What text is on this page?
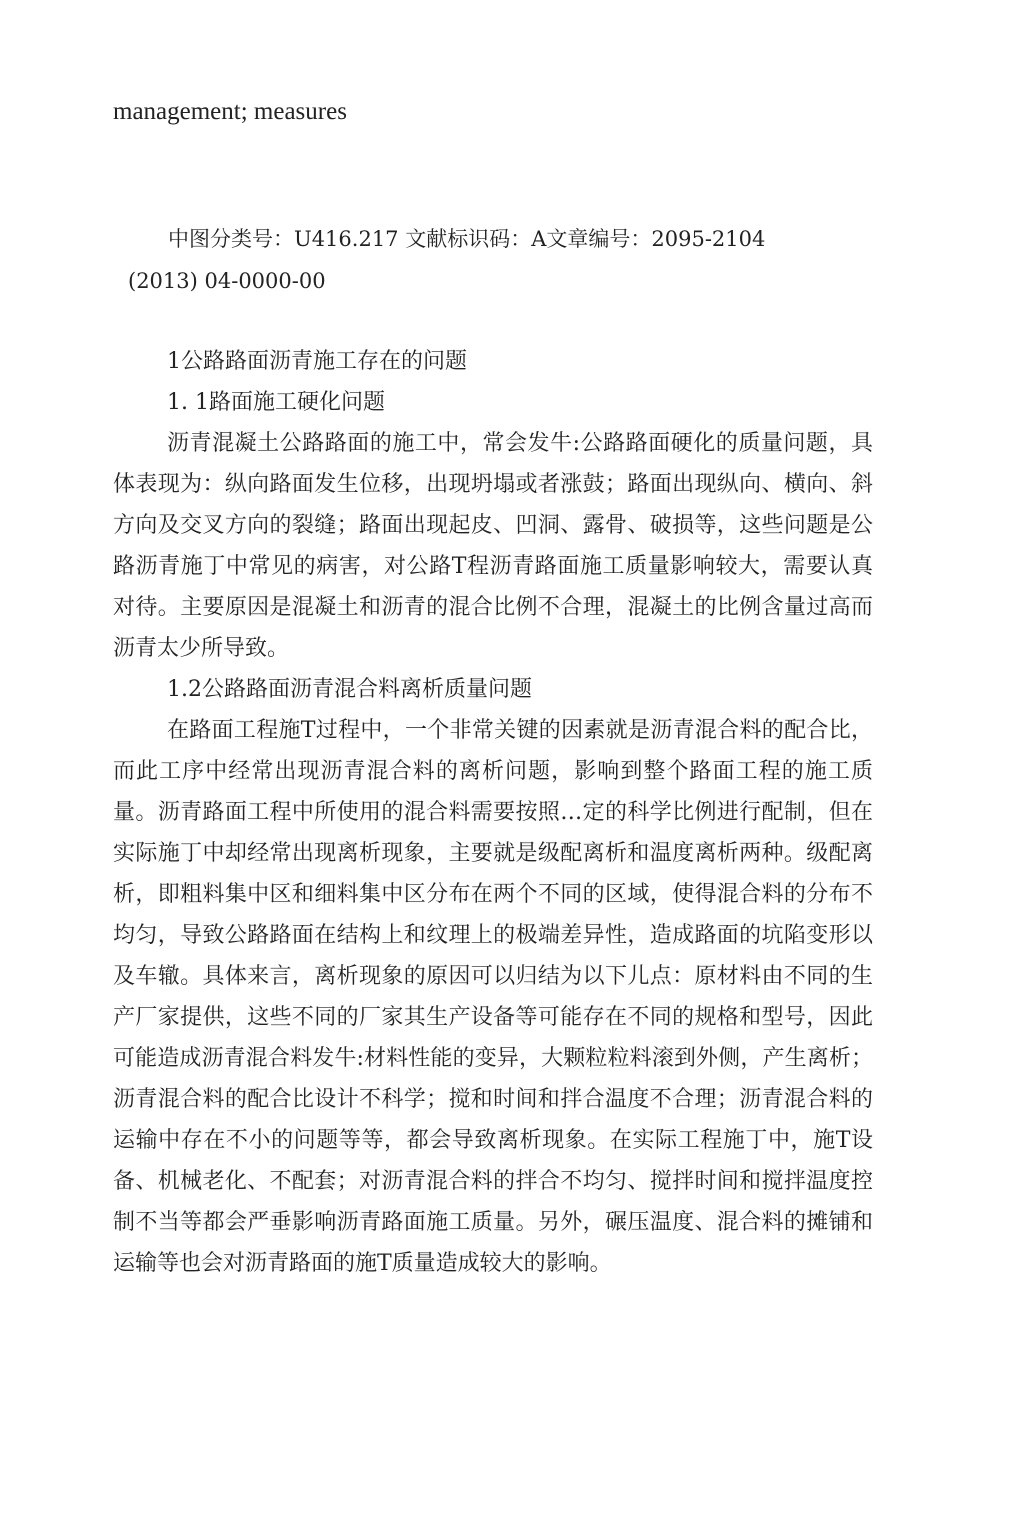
management; measures
中图分类号：U416.217 文献标识码：A文章编号：2095-2104
(2013) 04-0000-00

1公路路面沥青施工存在的问题

1. 1路面施工硬化问题

沥青混凝土公路路面的施工中，常会发牛:公路路面硬化的质量问题，具体表现为：纵向路面发生位移，出现坍塌或者涨鼓；路面出现纵向、横向、斜方向及交叉方向的裂缝；路面出现起皮、凹洞、露骨、破损等，这些问题是公路沥青施丁中常见的病害，对公路T程沥青路面施工质量影响较大，需要认真对待。主要原因是混凝土和沥青的混合比例不合理，混凝土的比例含量过高而沥青太少所导致。

1.2公路路面沥青混合料离析质量问题

在路面工程施T过程中，一个非常关键的因素就是沥青混合料的配合比，而此工序中经常出现沥青混合料的离析问题，影响到整个路面工程的施工质量。沥青路面工程中所使用的混合料需要按照…定的科学比例进行配制，但在实际施丁中却经常出现离析现象，主要就是级配离析和温度离析两种。级配离析，即粗料集中区和细料集中区分布在两个不同的区域，使得混合料的分布不均匀，导致公路路面在结构上和纹理上的极端差异性，造成路面的坑陷变形以及车辙。具体来言，离析现象的原因可以归结为以下儿点：原材料由不同的生产厂家提供，这些不同的厂家其生产设备等可能存在不同的规格和型号，因此可能造成沥青混合料发牛:材料性能的变异，大颗粒粒料滚到外侧，产生离析；沥青混合料的配合比设计不科学；搅和时间和拌合温度不合理；沥青混合料的运输中存在不小的问题等等，都会导致离析现象。在实际工程施丁中，施T设备、机械老化、不配套；对沥青混合料的拌合不均匀、搅拌时间和搅拌温度控制不当等都会严垂影响沥青路面施工质量。另外，碾压温度、混合料的摊铺和运输等也会对沥青路面的施T质量造成较大的影响。
